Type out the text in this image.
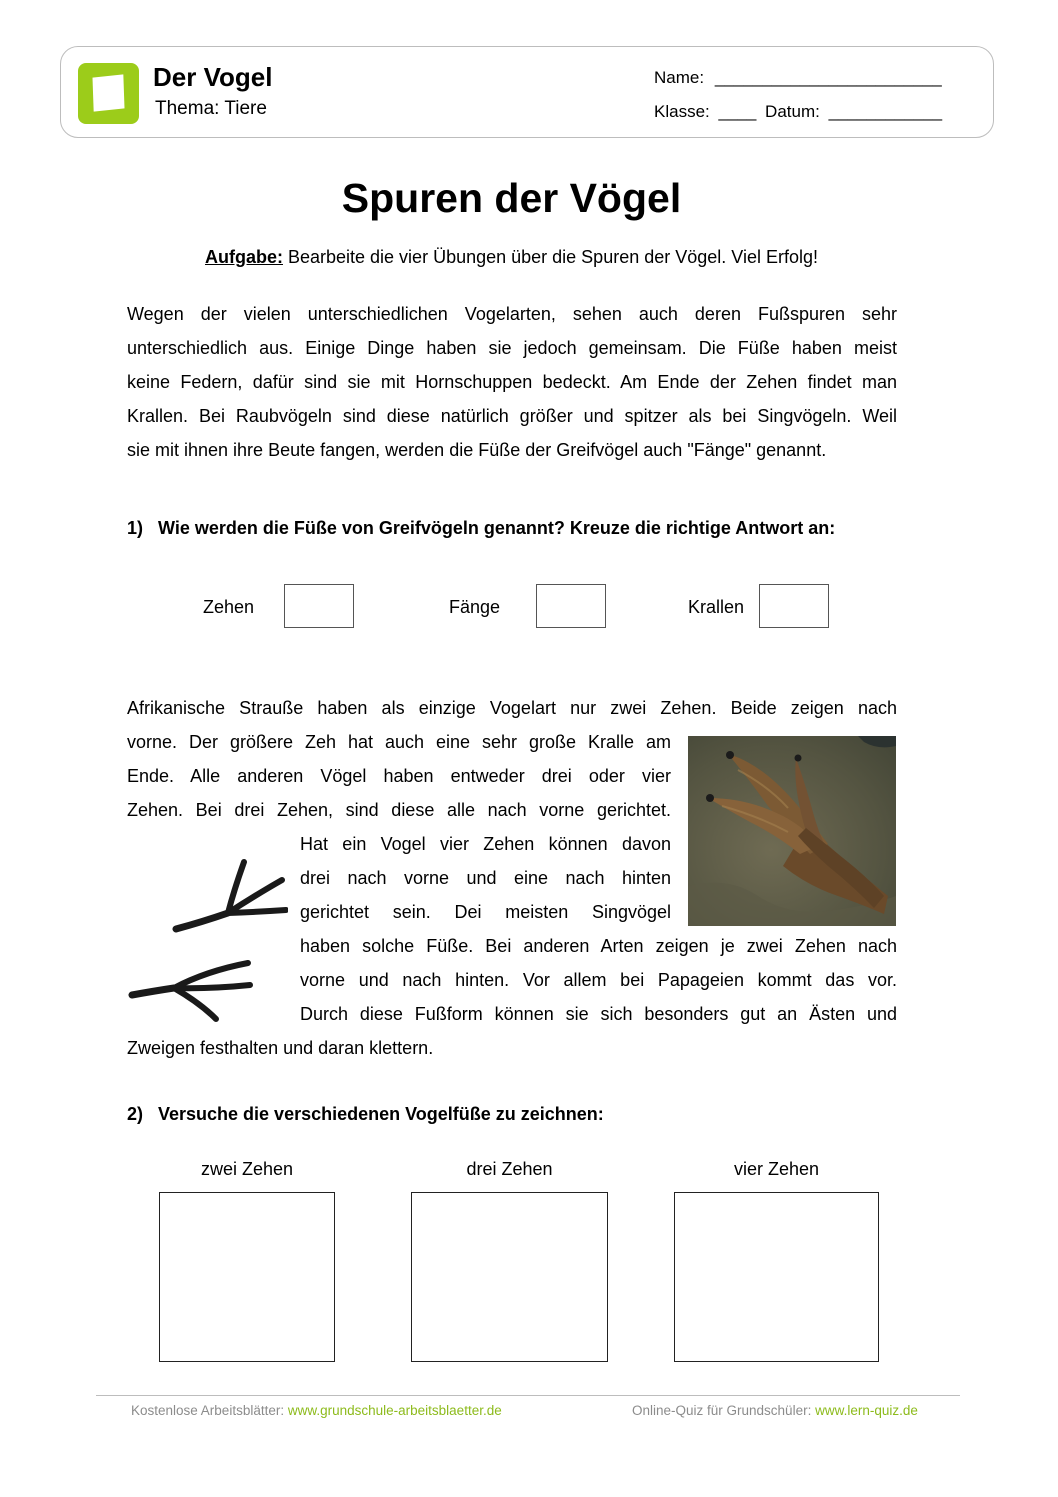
Der Vogel
Thema: Tiere
Name: ________________________
Klasse: ____ Datum: ____________
Spuren der Vögel
Aufgabe: Bearbeite die vier Übungen über die Spuren der Vögel. Viel Erfolg!
Wegen der vielen unterschiedlichen Vogelarten, sehen auch deren Fußspuren sehr
unterschiedlich aus. Einige Dinge haben sie jedoch gemeinsam. Die Füße haben meist
keine Federn, dafür sind sie mit Hornschuppen bedeckt. Am Ende der Zehen findet man
Krallen. Bei Raubvögeln sind diese natürlich größer und spitzer als bei Singvögeln. Weil
sie mit ihnen ihre Beute fangen, werden die Füße der Greifvögel auch "Fänge" genannt.
1) Wie werden die Füße von Greifvögeln genannt? Kreuze die richtige Antwort an:
Zehen	Fänge	Krallen
Afrikanische Strauße haben als einzige Vogelart nur zwei Zehen. Beide zeigen nach
vorne. Der größere Zeh hat auch eine sehr große Kralle am
Ende. Alle anderen Vögel haben entweder drei oder vier
Zehen. Bei drei Zehen, sind diese alle nach vorne gerichtet.
Hat ein Vogel vier Zehen können davon
drei nach vorne und eine nach hinten
gerichtet sein. Dei meisten Singvögel
haben solche Füße. Bei anderen Arten zeigen je zwei Zehen nach
vorne und nach hinten. Vor allem bei Papageien kommt das vor.
Durch diese Fußform können sie sich besonders gut an Ästen und
Zweigen festhalten und daran klettern.
2) Versuche die verschiedenen Vogelfüße zu zeichnen:
zwei Zehen	drei Zehen	vier Zehen
Kostenlose Arbeitsblätter: www.grundschule-arbeitsblaetter.de	Online-Quiz für Grundschüler: www.lern-quiz.de
